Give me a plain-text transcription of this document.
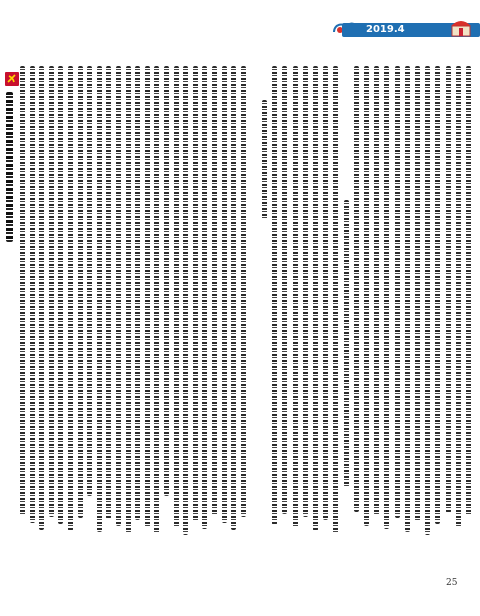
2019.4
25
